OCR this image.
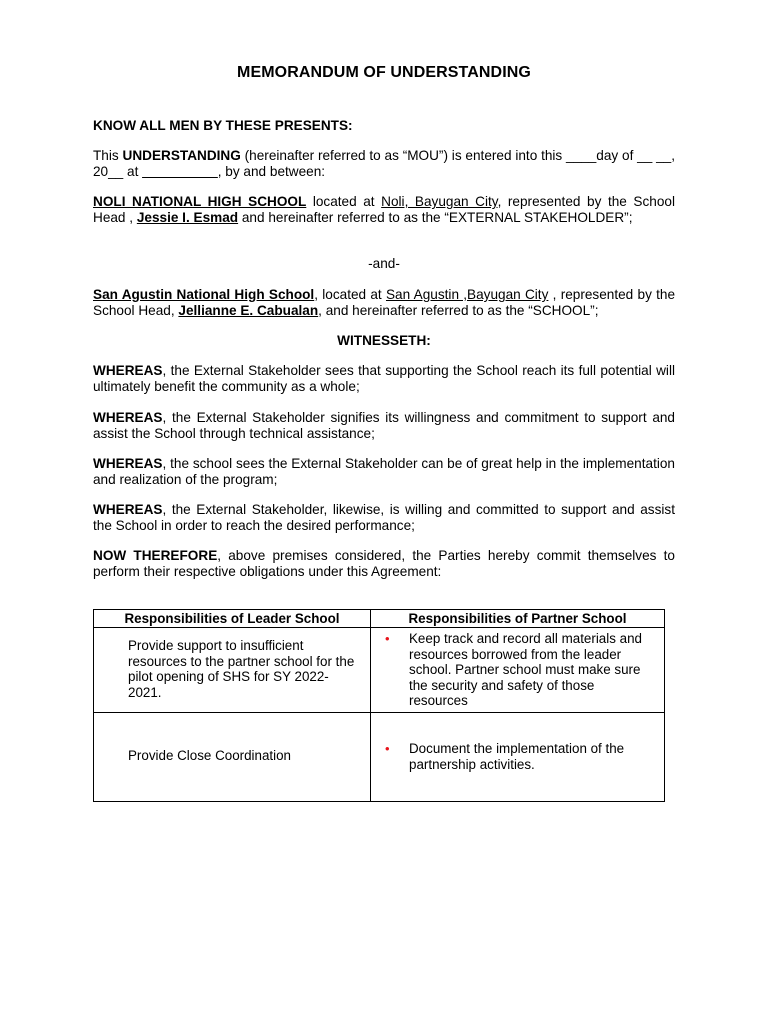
MEMORANDUM OF UNDERSTANDING

KNOW ALL MEN BY THESE PRESENTS:

This UNDERSTANDING (hereinafter referred to as “MOU”) is entered into this ____day of __ __, 20__ at __________, by and between:

NOLI NATIONAL HIGH SCHOOL located at Noli, Bayugan City, represented by the School Head , Jessie I. Esmad and hereinafter referred to as the “EXTERNAL STAKEHOLDER”;

-and-

San Agustin National High School, located at San Agustin ,Bayugan City , represented by the School Head, Jellianne E. Cabualan, and hereinafter referred to as the “SCHOOL”;

WITNESSETH:

WHEREAS, the External Stakeholder sees that supporting the School reach its full potential will ultimately benefit the community as a whole;

WHEREAS, the External Stakeholder signifies its willingness and commitment to support and assist the School through technical assistance;

WHEREAS, the school sees the External Stakeholder can be of great help in the implementation and realization of the program;

WHEREAS, the External Stakeholder, likewise, is willing and committed to support and assist the School in order to reach the desired performance;

NOW THEREFORE, above premises considered, the Parties hereby commit themselves to perform their respective obligations under this Agreement:

Responsibilities of Leader School	Responsibilities of Partner School
Provide support to insufficient resources to the partner school for the pilot opening of SHS for SY 2022-2021.	• Keep track and record all materials and resources borrowed from the leader school. Partner school must make sure the security and safety of those resources

Provide Close Coordination	• Document the implementation of the partnership activities.
